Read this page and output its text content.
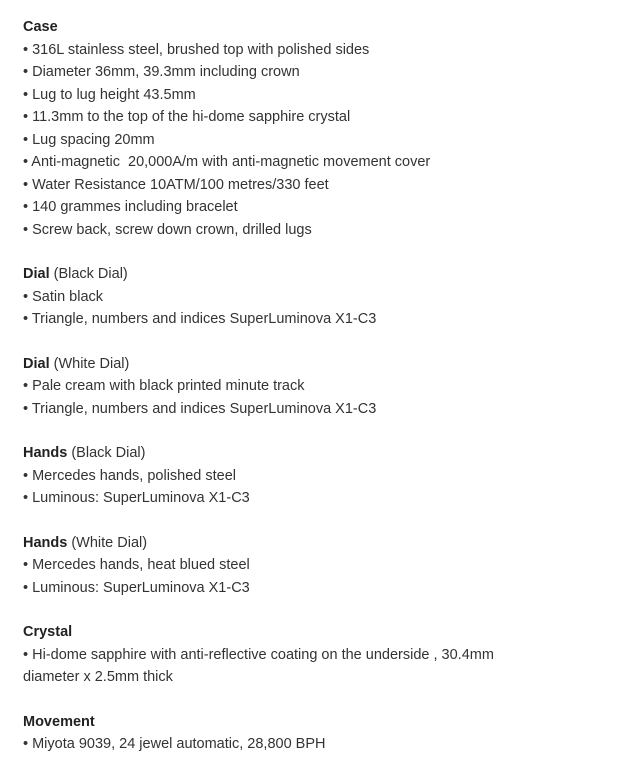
Case

• 316L stainless steel, brushed top with polished sides

• Diameter 36mm, 39.3mm including crown

• Lug to lug height 43.5mm

• 11.3mm to the top of the hi-dome sapphire crystal

• Lug spacing 20mm

• Anti-magnetic  20,000A/m with anti-magnetic movement cover

• Water Resistance 10ATM/100 metres/330 feet

• 140 grammes including bracelet

• Screw back, screw down crown, drilled lugs

Dial (Black Dial)

• Satin black

• Triangle, numbers and indices SuperLuminova X1-C3

Dial (White Dial)

• Pale cream with black printed minute track

• Triangle, numbers and indices SuperLuminova X1-C3

Hands (Black Dial)

• Mercedes hands, polished steel

• Luminous: SuperLuminova X1-C3

Hands (White Dial)

• Mercedes hands, heat blued steel

• Luminous: SuperLuminova X1-C3

Crystal

• Hi-dome sapphire with anti-reflective coating on the underside , 30.4mm diameter x 2.5mm thick

Movement

• Miyota 9039, 24 jewel automatic, 28,800 BPH
